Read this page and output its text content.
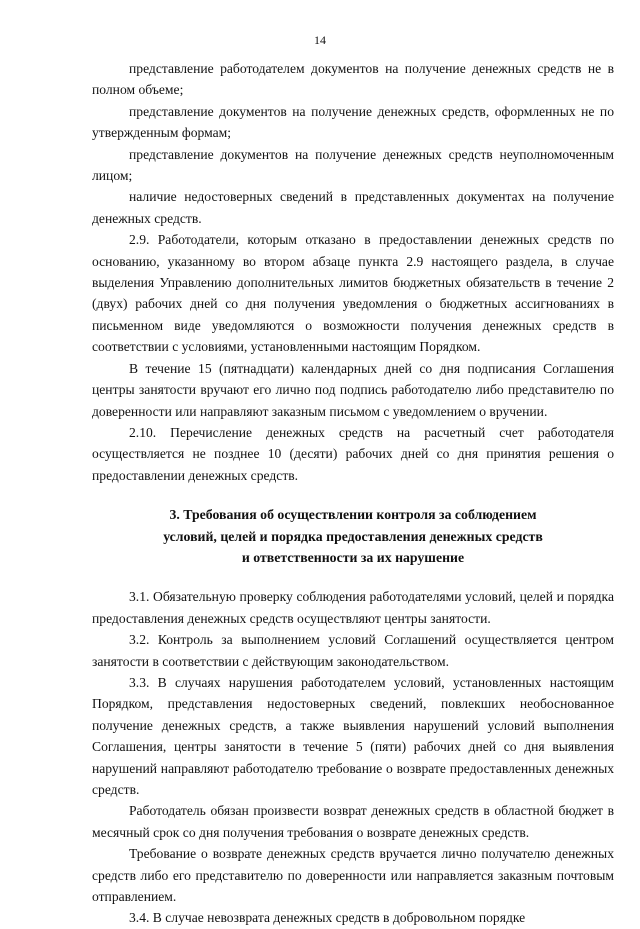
14

представление работодателем документов на получение денежных средств не в полном объеме;

представление документов на получение денежных средств, оформленных не по утвержденным формам;

представление документов на получение денежных средств неуполномоченным лицом;

наличие недостоверных сведений в представленных документах на получение денежных средств.

2.9. Работодатели, которым отказано в предоставлении денежных средств по основанию, указанному во втором абзаце пункта 2.9 настоящего раздела, в случае выделения Управлению дополнительных лимитов бюджетных обязательств в течение 2 (двух) рабочих дней со дня получения уведомления о бюджетных ассигнованиях в письменном виде уведомляются о возможности получения денежных средств в соответствии с условиями, установленными настоящим Порядком.

В течение 15 (пятнадцати) календарных дней со дня подписания Соглашения центры занятости вручают его лично под подпись работодателю либо представителю по доверенности или направляют заказным письмом с уведомлением о вручении.

2.10. Перечисление денежных средств на расчетный счет работодателя осуществляется не позднее 10 (десяти) рабочих дней со дня принятия решения о предоставлении денежных средств.

3. Требования об осуществлении контроля за соблюдением
условий, целей и порядка предоставления денежных средств
и ответственности за их нарушение

3.1. Обязательную проверку соблюдения работодателями условий, целей и порядка предоставления денежных средств осуществляют центры занятости.

3.2. Контроль за выполнением условий Соглашений осуществляется центром занятости в соответствии с действующим законодательством.

3.3. В случаях нарушения работодателем условий, установленных настоящим Порядком, представления недостоверных сведений, повлекших необоснованное получение денежных средств, а также выявления нарушений условий выполнения Соглашения, центры занятости в течение 5 (пяти) рабочих дней со дня выявления нарушений направляют работодателю требование о возврате предоставленных денежных средств.

Работодатель обязан произвести возврат денежных средств в областной бюджет в месячный срок со дня получения требования о возврате денежных средств.

Требование о возврате денежных средств вручается лично получателю денежных средств либо его представителю по доверенности или направляется заказным почтовым отправлением.

3.4. В случае невозврата денежных средств в добровольном порядке
